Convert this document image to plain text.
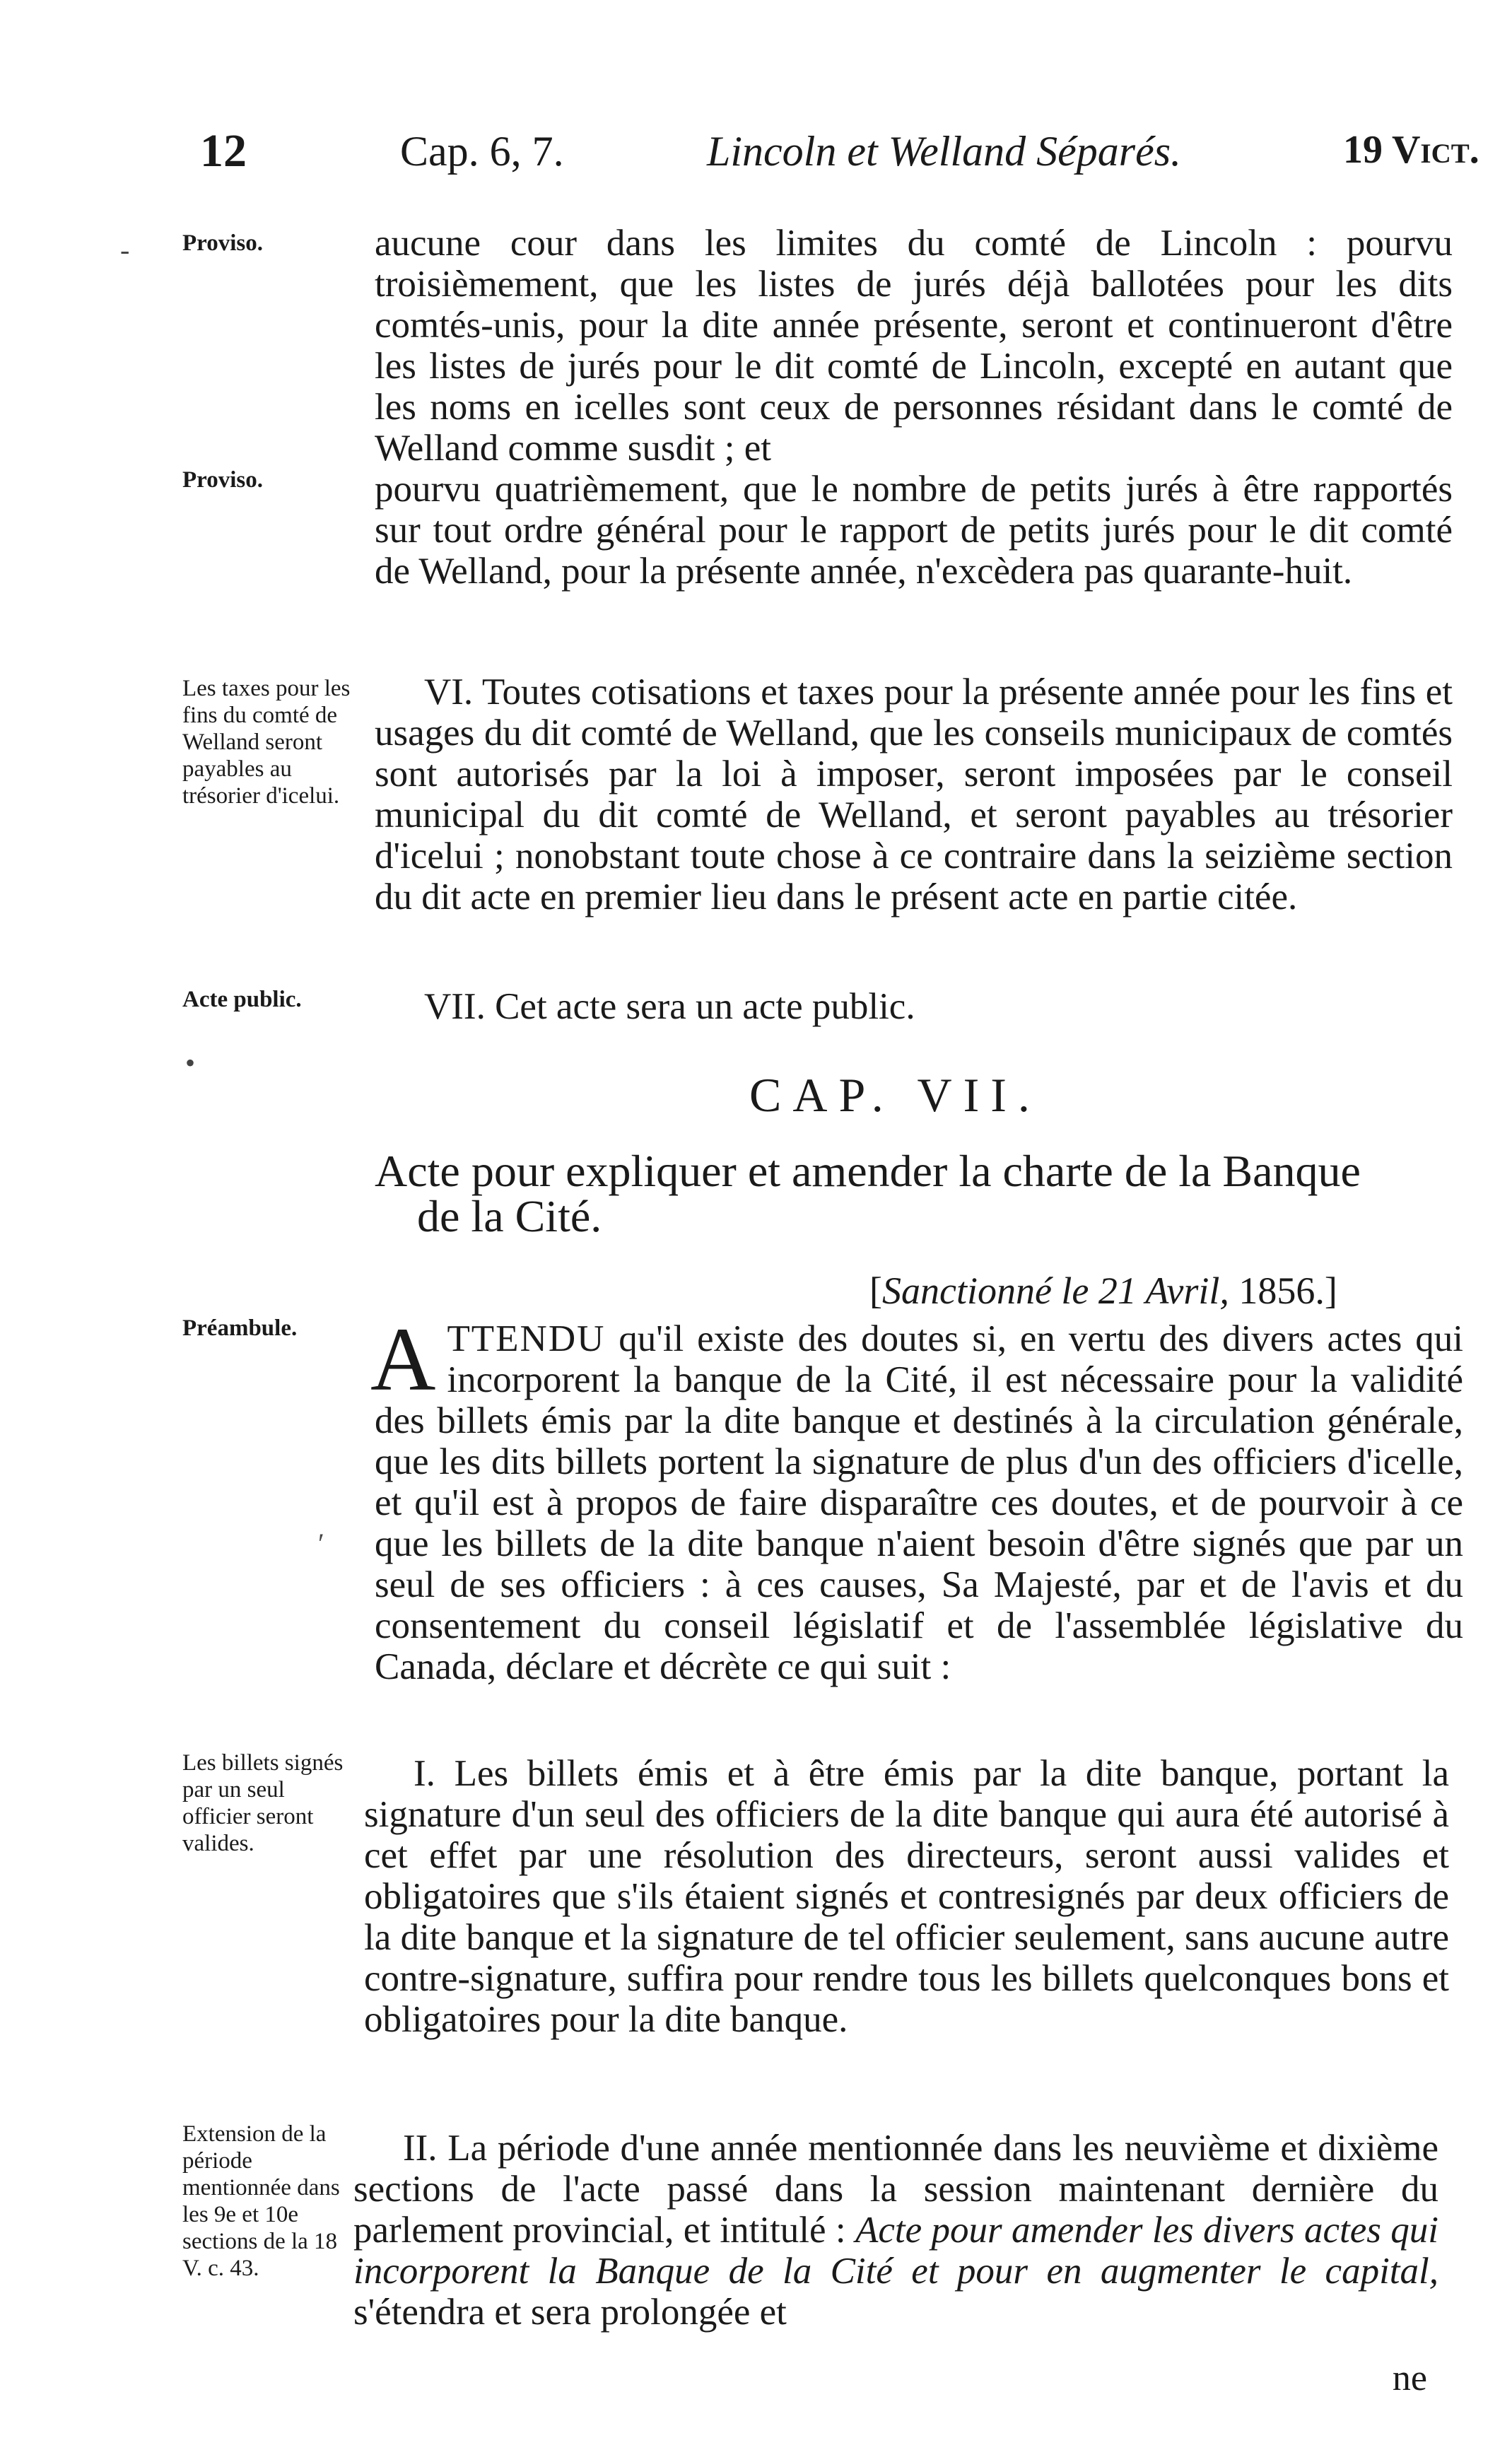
12	Cap. 6, 7.	Lincoln et Welland Séparés.	19 Vict.
Proviso.
Proviso.
Les taxes pour les fins du comté de Welland seront payables au trésorier d'icelui.
Acte public.
Préambule.
Les billets signés par un seul officier seront valides.
Extension de la période mentionnée dans les 9e et 10e sections de la 18 V. c. 43.

aucune cour dans les limites du comté de Lincoln : pourvu troisièmement, que les listes de jurés déjà ballotées pour les dits comtés-unis, pour la dite année présente, seront et continueront d'être les listes de jurés pour le dit comté de Lincoln, excepté en autant que les noms en icelles sont ceux de personnes résidant dans le comté de Welland comme susdit ; et

pourvu quatrièmement, que le nombre de petits jurés à être rapportés sur tout ordre général pour le rapport de petits jurés pour le dit comté de Welland, pour la présente année, n'excèdera pas quarante-huit.

VI. Toutes cotisations et taxes pour la présente année pour les fins et usages du dit comté de Welland, que les conseils municipaux de comtés sont autorisés par la loi à imposer, seront imposées par le conseil municipal du dit comté de Welland, et seront payables au trésorier d'icelui ; nonobstant toute chose à ce contraire dans la seizième section du dit acte en premier lieu dans le présent acte en partie citée.

VII. Cet acte sera un acte public.

CAP. VII.
Acte pour expliquer et amender la charte de la Banque
de la Cité.
[Sanctionné le 21 Avril, 1856.]

A TTENDU qu'il existe des doutes si, en vertu des divers actes qui incorporent la banque de la Cité, il est nécessaire pour la validité des billets émis par la dite banque et destinés à la circulation générale, que les dits billets portent la signature de plus d'un des officiers d'icelle, et qu'il est à propos de faire disparaître ces doutes, et de pourvoir à ce que les billets de la dite banque n'aient besoin d'être signés que par un seul de ses officiers : à ces causes, Sa Majesté, par et de l'avis et du consentement du conseil législatif et de l'assemblée législative du Canada, déclare et décrète ce qui suit :

I. Les billets émis et à être émis par la dite banque, portant la signature d'un seul des officiers de la dite banque qui aura été autorisé à cet effet par une résolution des directeurs, seront aussi valides et obligatoires que s'ils étaient signés et contresignés par deux officiers de la dite banque et la signature de tel officier seulement, sans aucune autre contre-signature, suffira pour rendre tous les billets quelconques bons et obligatoires pour la dite banque.

II. La période d'une année mentionnée dans les neuvième et dixième sections de l'acte passé dans la session maintenant dernière du parlement provincial, et intitulé : Acte pour amender les divers actes qui incorporent la Banque de la Cité et pour en augmenter le capital, s'étendra et sera prolongée et

ne
-
•
′
